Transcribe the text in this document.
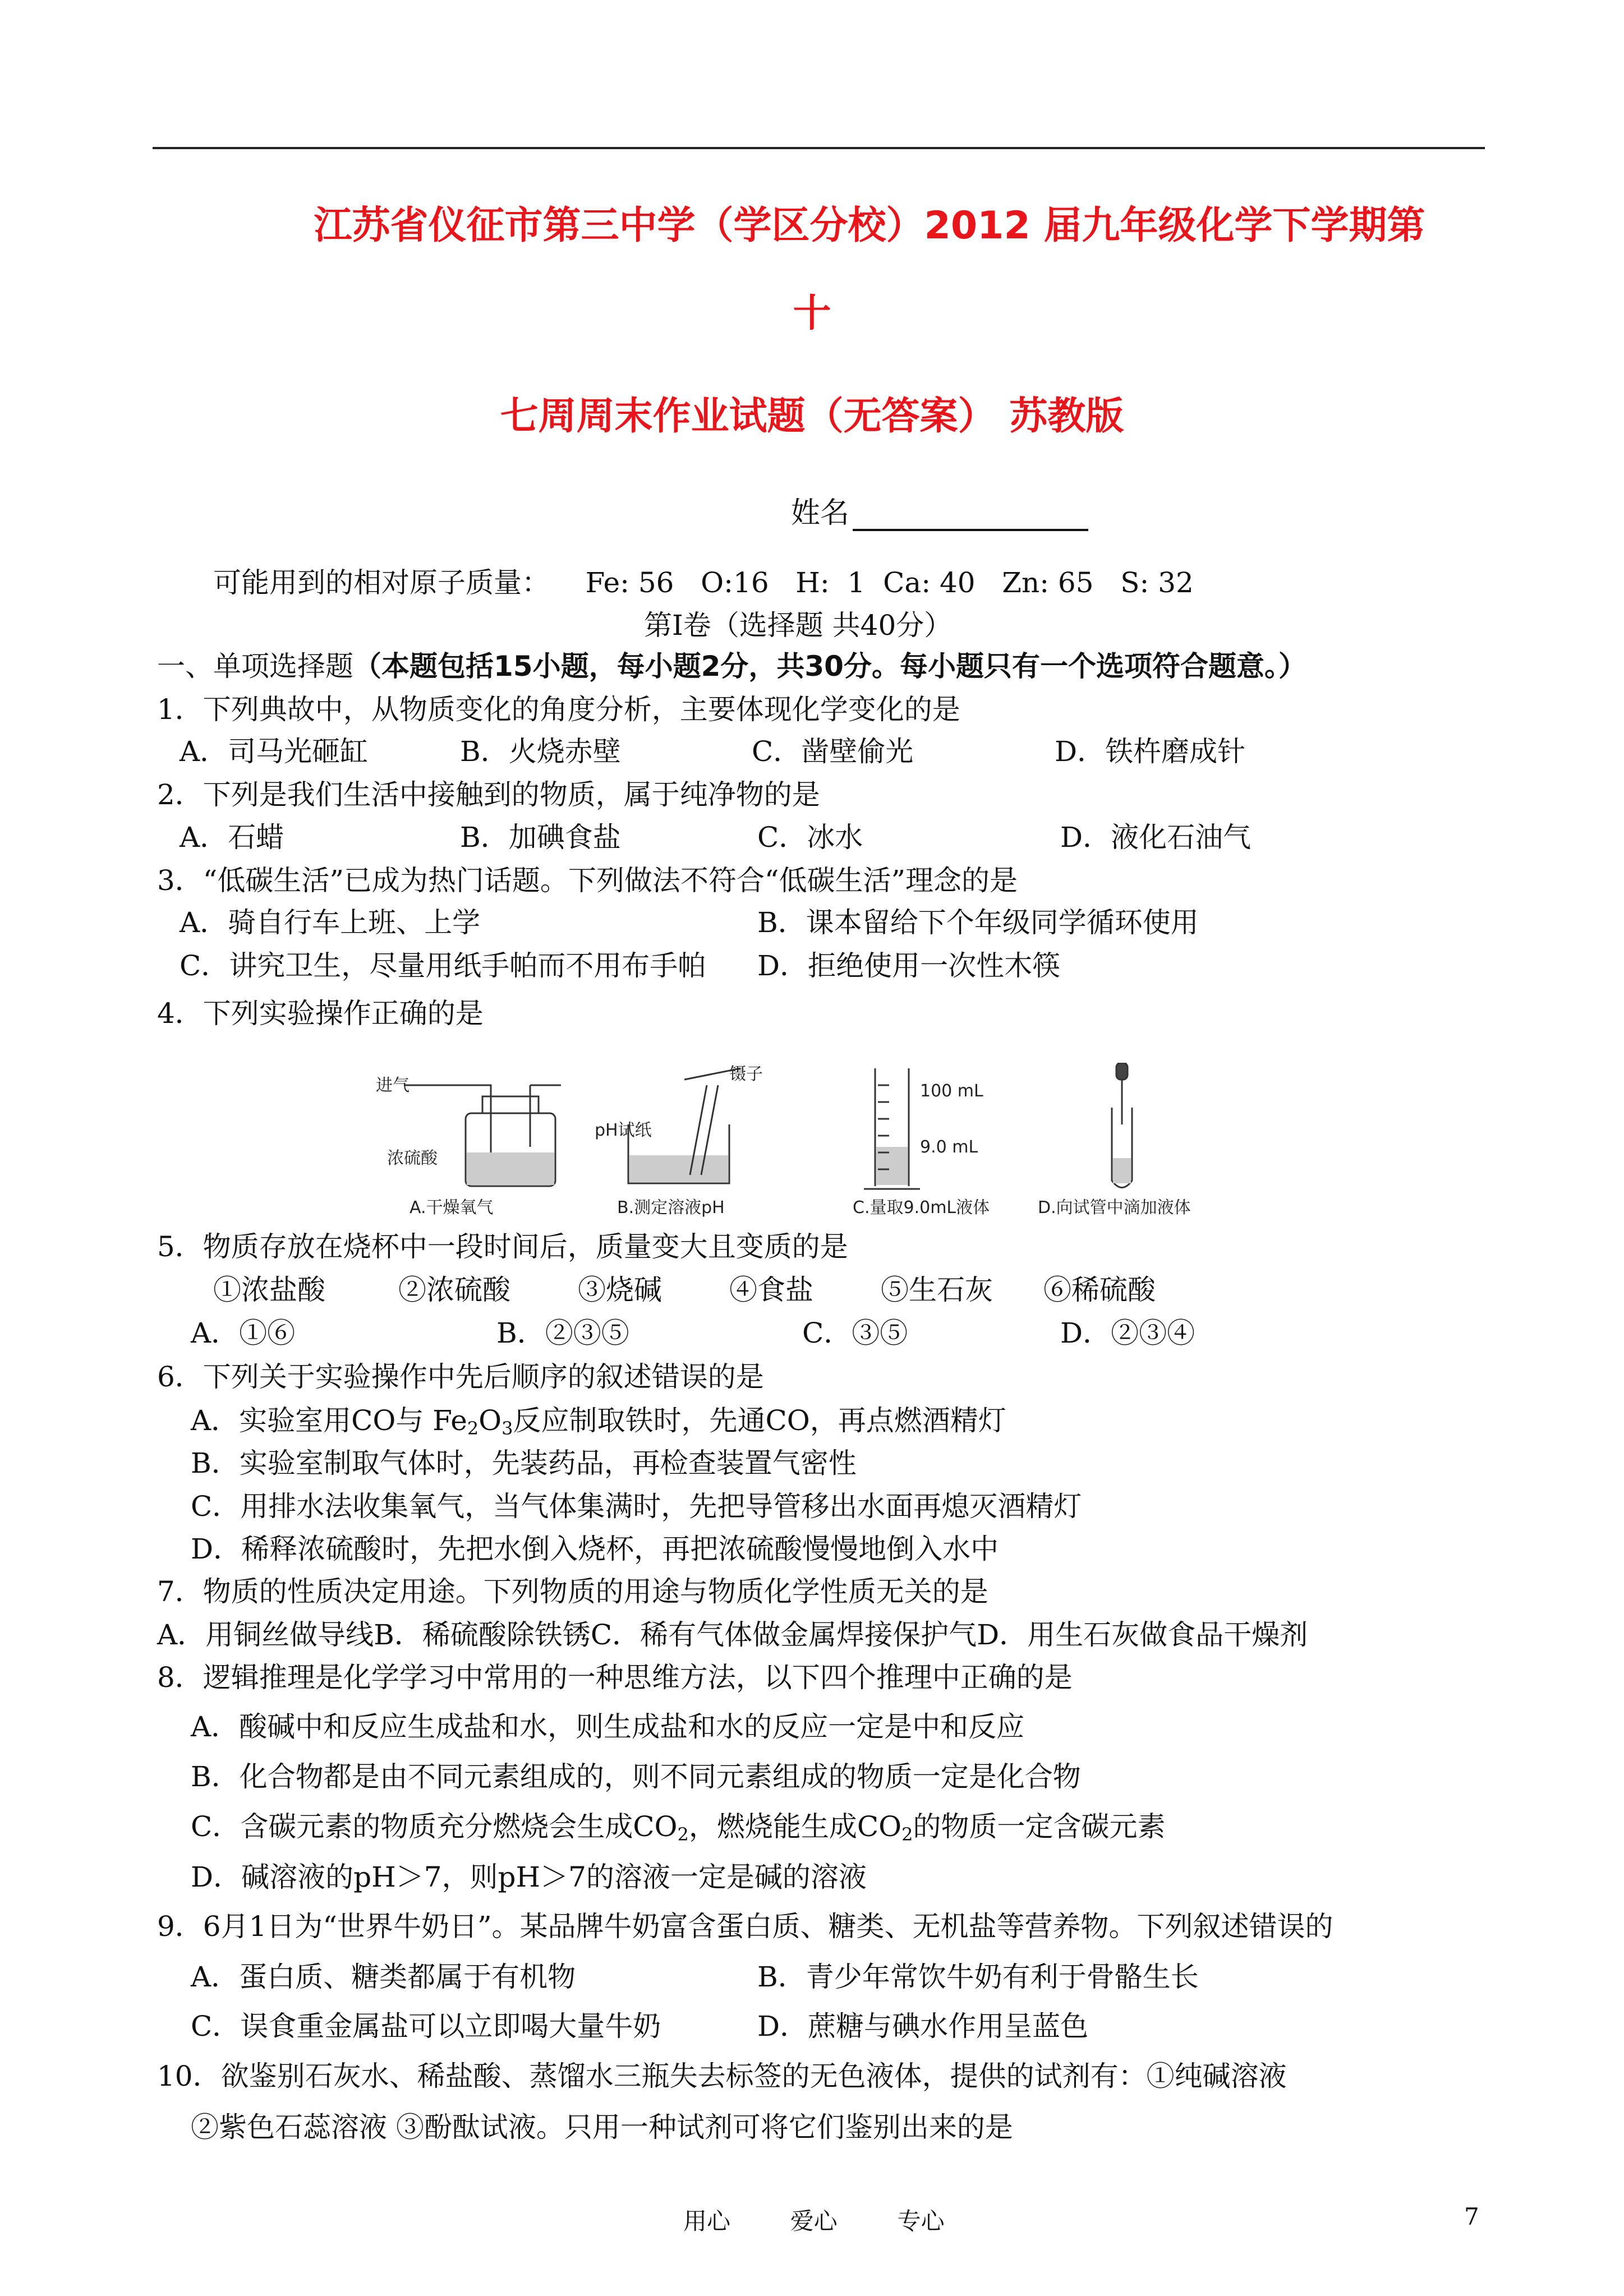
江苏省仪征市第三中学（学区分校）2012 届九年级化学下学期第
十
七周周末作业试题（无答案） 苏教版
姓名
可能用到的相对原子质量：    Fe: 56   O:16   H:  1  Ca: 40   Zn: 65   S: 32
第Ⅰ卷（选择题 共40分）
一、单项选择题（本题包括15小题，每小题2分，共30分。每小题只有一个选项符合题意。）
1．下列典故中，从物质变化的角度分析，主要体现化学变化的是
A．司马光砸缸	B．火烧赤壁	C．凿壁偷光	D．铁杵磨成针
2．下列是我们生活中接触到的物质，属于纯净物的是
A．石蜡	B．加碘食盐	C．冰水	D．液化石油气
3．“低碳生活”已成为热门话题。下列做法不符合“低碳生活”理念的是
A．骑自行车上班、上学	B．课本留给下个年级同学循环使用
C．讲究卫生，尽量用纸手帕而不用布手帕 D．拒绝使用一次性木筷
4．下列实验操作正确的是
进气
浓硫酸
A.干燥氧气
镊子
pH试纸
B.测定溶液pH
100 mL
9.0 mL
C.量取9.0mL液体	D.向试管中滴加液体
5．物质存放在烧杯中一段时间后，质量变大且变质的是
①浓盐酸	②浓硫酸 ③烧碱 ④食盐 ⑤生石灰 ⑥稀硫酸
A．①⑥	B．②③⑤	C．③⑤	D．②③④
6．下列关于实验操作中先后顺序的叙述错误的是
A．实验室用CO与 $Fe_2O_3$反应制取铁时，先通CO，再点燃酒精灯
B．实验室制取气体时，先装药品，再检查装置气密性
C．用排水法收集氧气，当气体集满时，先把导管移出水面再熄灭酒精灯
D．稀释浓硫酸时，先把水倒入烧杯，再把浓硫酸慢慢地倒入水中
7．物质的性质决定用途。下列物质的用途与物质化学性质无关的是
A．用铜丝做导线B．稀硫酸除铁锈C．稀有气体做金属焊接保护气D．用生石灰做食品干燥剂
8．逻辑推理是化学学习中常用的一种思维方法，以下四个推理中正确的是
A．酸碱中和反应生成盐和水，则生成盐和水的反应一定是中和反应
B．化合物都是由不同元素组成的，则不同元素组成的物质一定是化合物
C．含碳元素的物质充分燃烧会生成$CO_2$，燃烧能生成$CO_2$的物质一定含碳元素
D．碱溶液的pH＞7，则pH＞7的溶液一定是碱的溶液
9．6月1日为“世界牛奶日”。某品牌牛奶富含蛋白质、糖类、无机盐等营养物。下列叙述错误的
A．蛋白质、糖类都属于有机物	B．青少年常饮牛奶有利于骨骼生长
C．误食重金属盐可以立即喝大量牛奶	D．蔗糖与碘水作用呈蓝色
10．欲鉴别石灰水、稀盐酸、蒸馏水三瓶失去标签的无色液体，提供的试剂有：①纯碱溶液
②紫色石蕊溶液 ③酚酞试液。只用一种试剂可将它们鉴别出来的是
用心        爱心        专心	7
